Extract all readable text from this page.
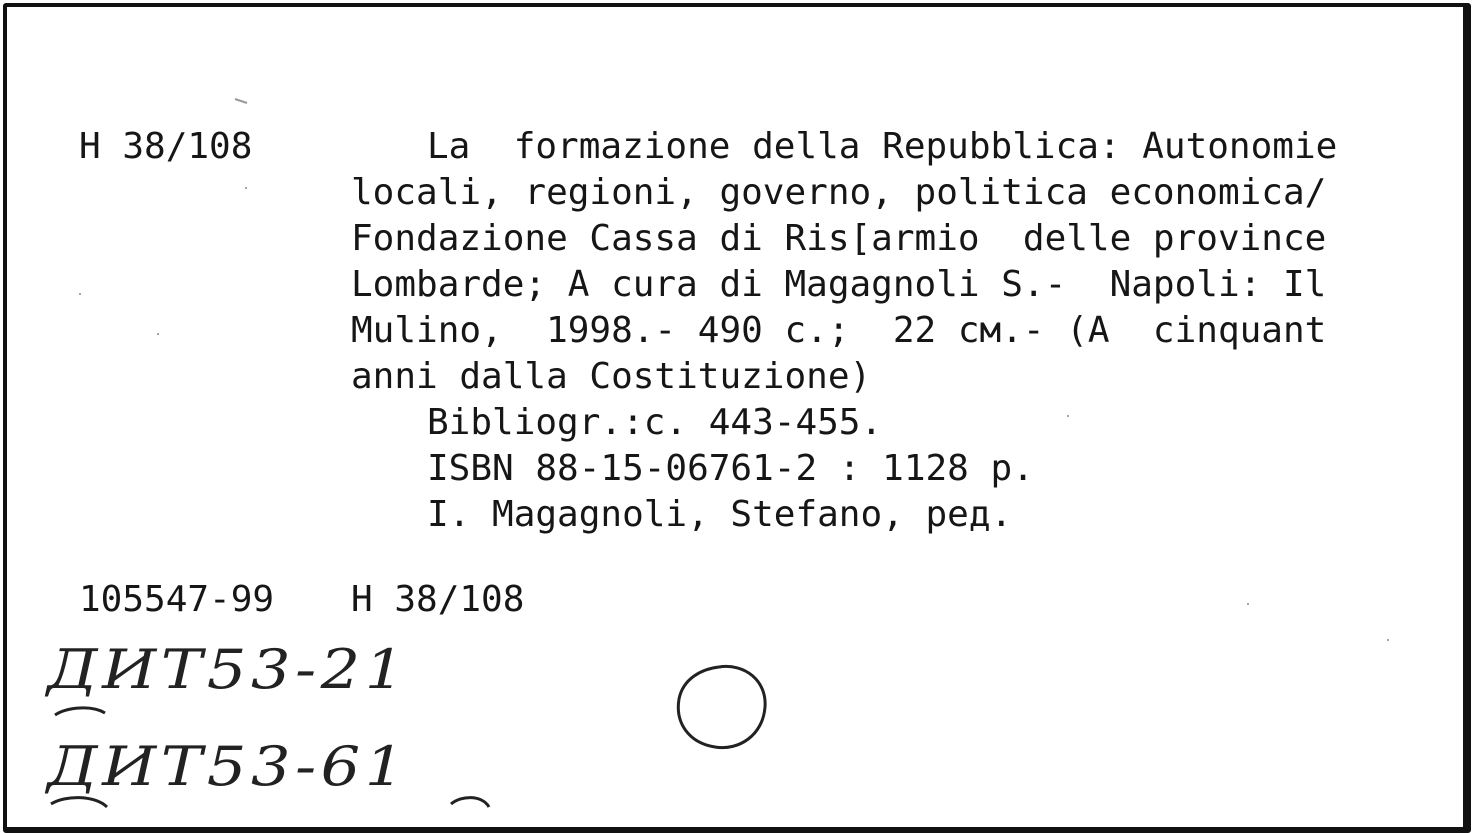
H 38/108	La  formazione della Repubblica: Autonomie
locali, regioni, governo, politica economica/
Fondazione Cassa di Ris[armio  delle province
Lombarde; A cura di Magagnoli S.-  Napoli: Il
Mulino,  1998.- 490 c.;  22 см.- (A  cinquant
anni dalla Costituzione)
Bibliogr.:c. 443-455.
ISBN 88-15-06761-2 : 1128 p.
I. Magagnoli, Stefano, ред.
105547-99 H 38/108
ДИТ53-21
ДИТ53-61
